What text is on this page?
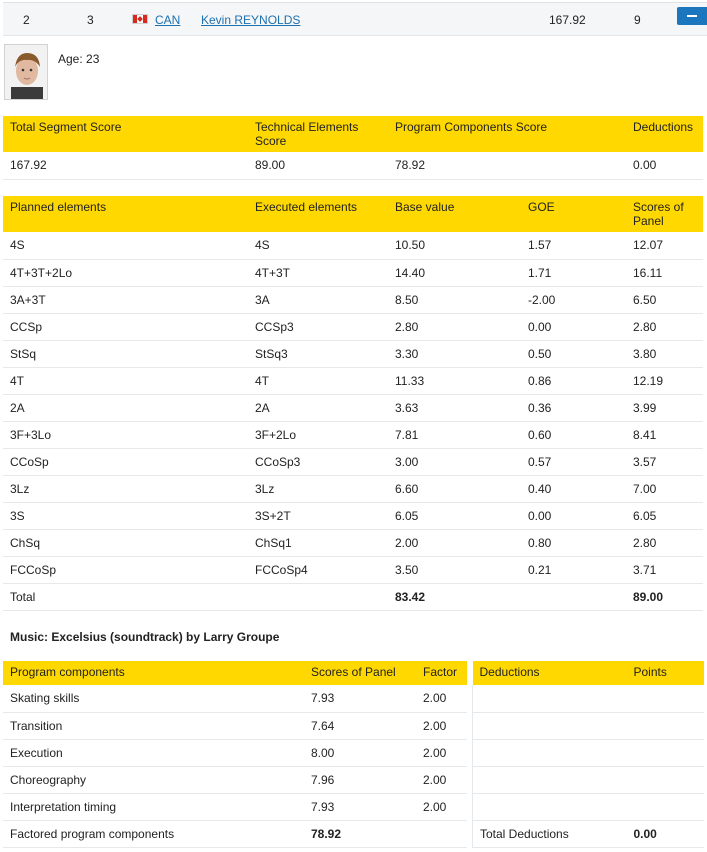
2	3	CAN Kevin REYNOLDS	167.92	9
Age: 23
Total Segment Score	Technical Elements Score	Program Components Score	Deductions
167.92	89.00	78.92	0.00
Planned elements	Executed elements	Base value	GOE	Scores of Panel
4S	4S	10.50	1.57	12.07
4T+3T+2Lo	4T+3T	14.40	1.71	16.11
3A+3T	3A	8.50	-2.00	6.50
CCSp	CCSp3	2.80	0.00	2.80
StSq	StSq3	3.30	0.50	3.80
4T	4T	11.33	0.86	12.19
2A	2A	3.63	0.36	3.99
3F+3Lo	3F+2Lo	7.81	0.60	8.41
CCoSp	CCoSp3	3.00	0.57	3.57
3Lz	3Lz	6.60	0.40	7.00
3S	3S+2T	6.05	0.00	6.05
ChSq	ChSq1	2.00	0.80	2.80
FCCoSp	FCCoSp4	3.50	0.21	3.71
Total		83.42		89.00
Music: Excelsius (soundtrack) by Larry Groupe
Program components	Scores of Panel	Factor
Skating skills	7.93	2.00
Transition	7.64	2.00
Execution	8.00	2.00
Choreography	7.96	2.00
Interpretation timing	7.93	2.00
Factored program components	78.92	
Deductions	Points

Total Deductions	0.00
